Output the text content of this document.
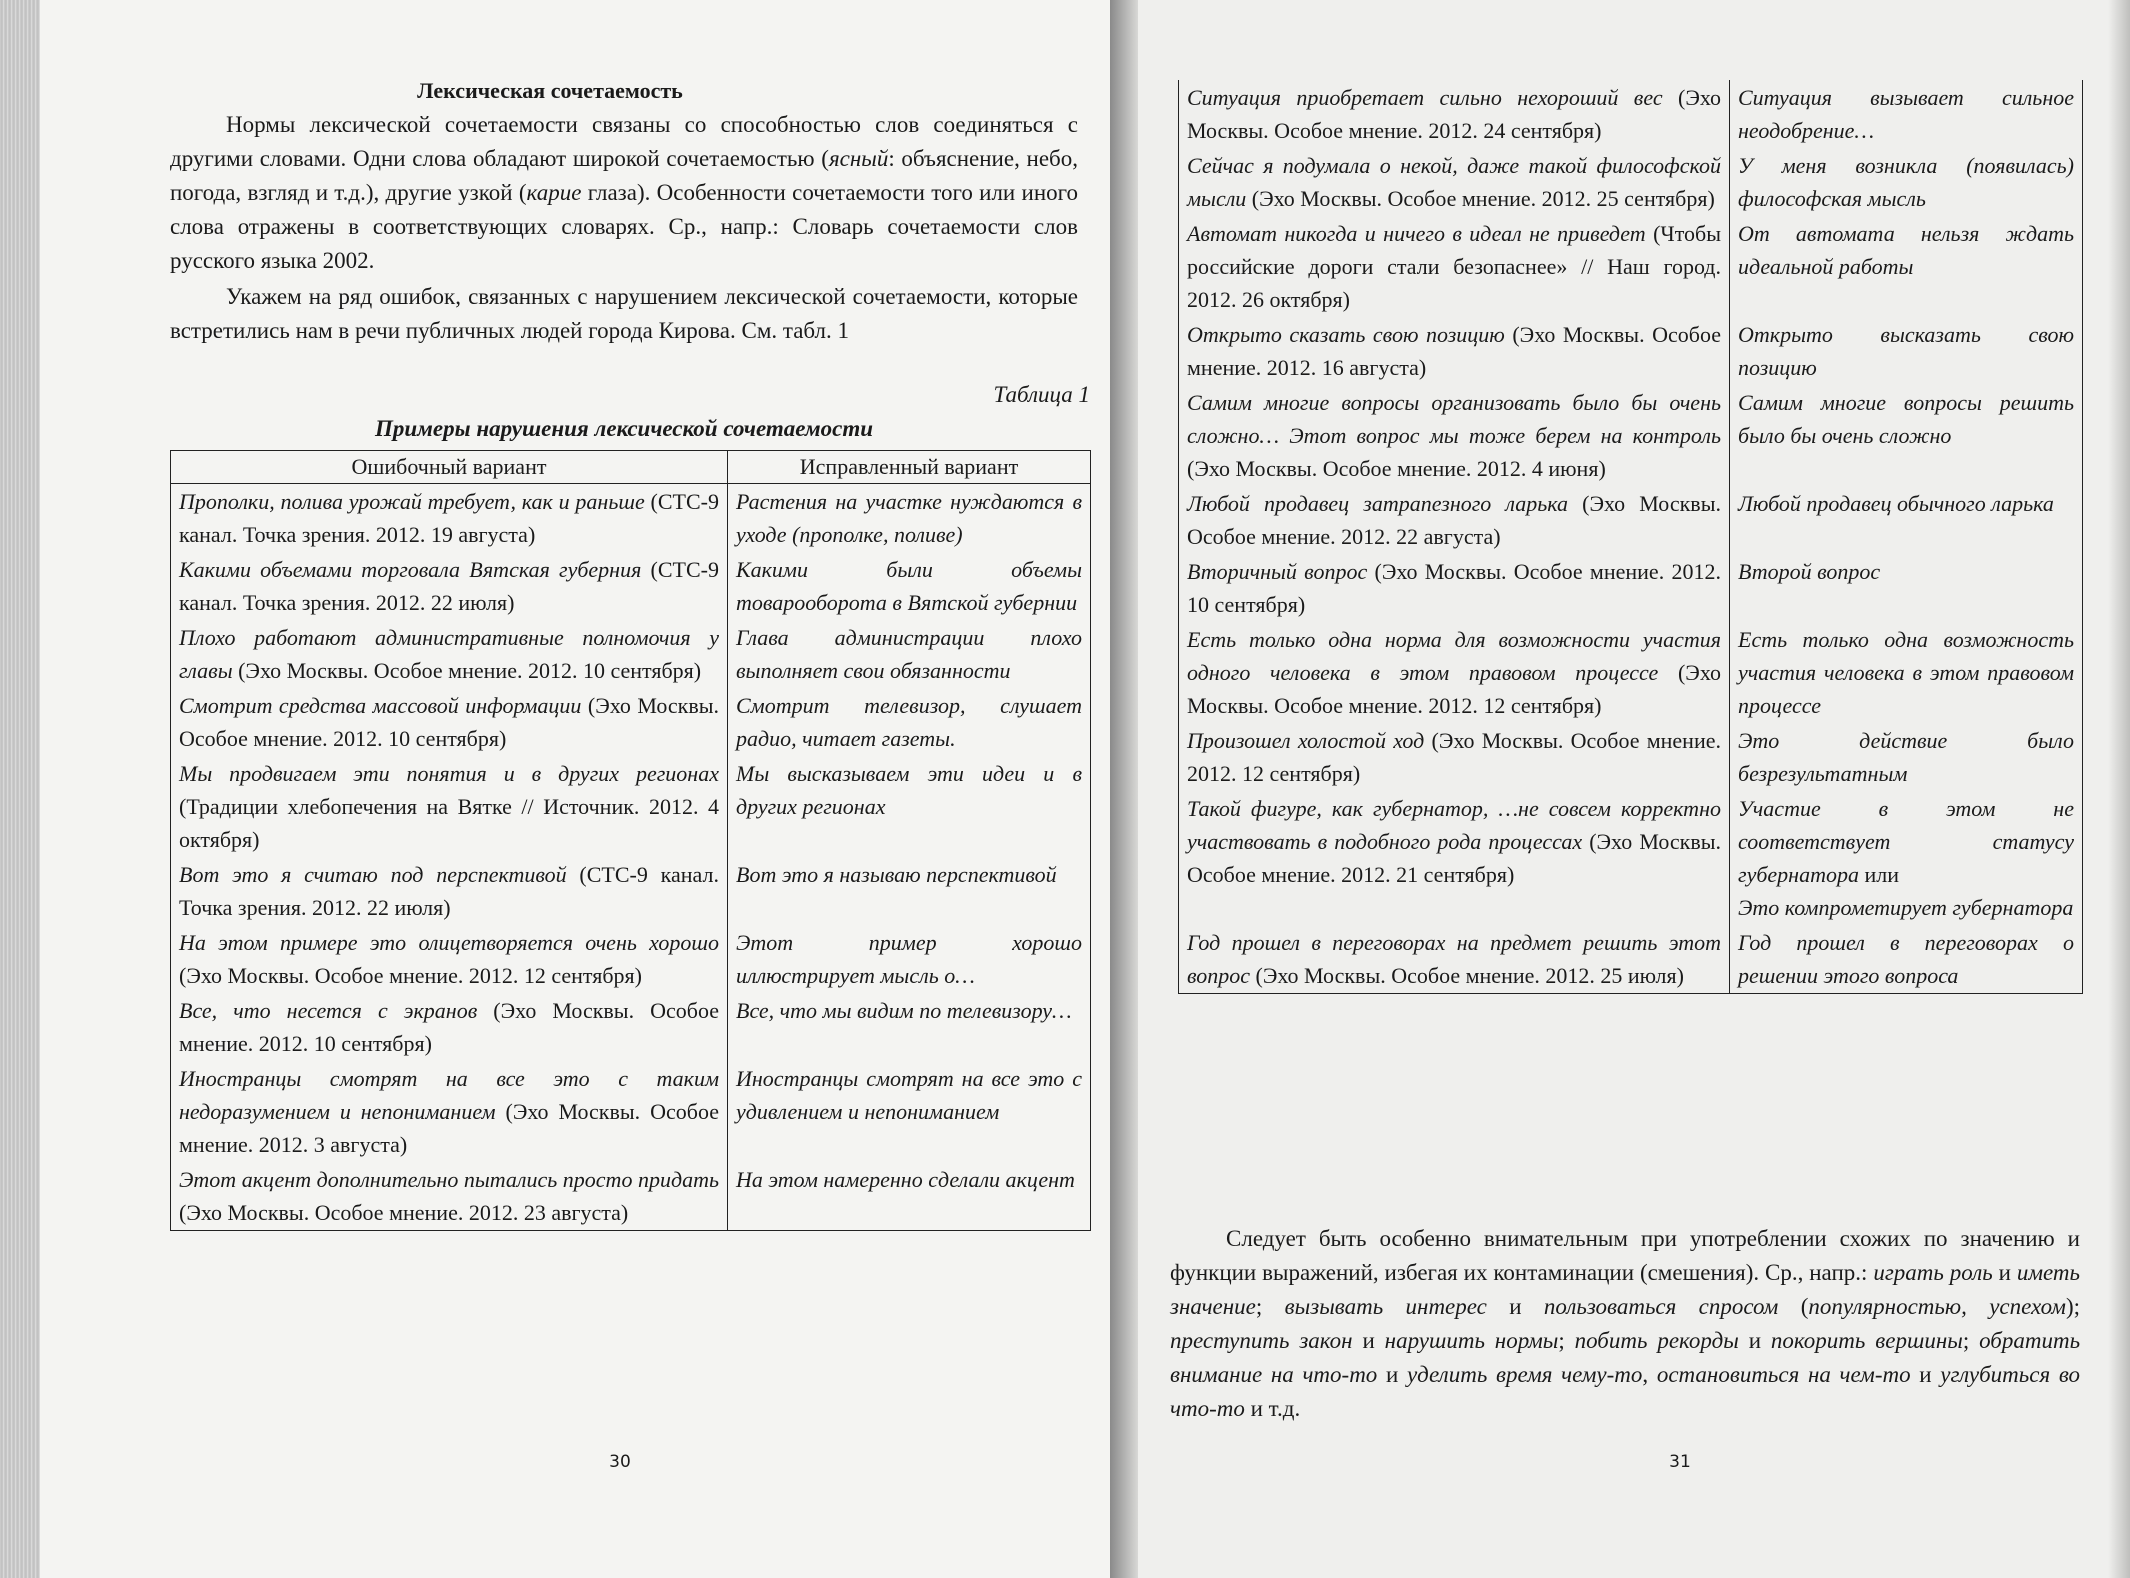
Лексическая сочетаемость

Нормы лексической сочетаемости связаны со способностью слов соединяться с другими словами. Одни слова обладают широкой сочетаемостью (ясный: объяснение, небо, погода, взгляд и т.д.), другие узкой (карие глаза). Особенности сочетаемости того или иного слова отражены в соответствующих словарях. Ср., напр.: Словарь сочетаемости слов русского языка 2002.

Укажем на ряд ошибок, связанных с нарушением лексической сочетаемости, которые встретились нам в речи публичных людей города Кирова. См. табл. 1

Таблица 1
Примеры нарушения лексической сочетаемости
Ошибочный вариант	Исправленный вариант
Прополки, полива урожай требует, как и раньше (СТС-9 канал. Точка зрения. 2012. 19 августа)	Растения на участке нуждаются в уходе (прополке, поливе)

Какими объемами торговала Вятская губерния (СТС-9 канал. Точка зрения. 2012. 22 июля)	Какими были объемы товарооборота в Вятской губернии

Плохо работают административные полномочия у главы (Эхо Москвы. Особое мнение. 2012. 10 сентября)	Глава администрации плохо выполняет свои обязанности

Смотрит средства массовой информации (Эхо Москвы. Особое мнение. 2012. 10 сентября)	Смотрит телевизор, слушает радио, читает газеты.

Мы продвигаем эти понятия и в других регионах (Традиции хлебопечения на Вятке // Источник. 2012. 4 октября)	Мы высказываем эти идеи и в других регионах

Вот это я считаю под перспективой (СТС-9 канал. Точка зрения. 2012. 22 июля)	Вот это я называю перспективой

На этом примере это олицетворяется очень хорошо (Эхо Москвы. Особое мнение. 2012. 12 сентября)	Этот пример хорошо иллюстрирует мысль о…

Все, что несется с экранов (Эхо Москвы. Особое мнение. 2012. 10 сентября)	Все, что мы видим по телевизору…

Иностранцы смотрят на все это с таким недоразумением и непониманием (Эхо Москвы. Особое мнение. 2012. 3 августа)	Иностранцы смотрят на все это с удивлением и непониманием

Этот акцент дополнительно пытались просто придать (Эхо Москвы. Особое мнение. 2012. 23 августа)	На этом намеренно сделали акцент
30
Ситуация приобретает сильно нехороший вес (Эхо Москвы. Особое мнение. 2012. 24 сентября)	Ситуация вызывает сильное неодобрение…

Сейчас я подумала о некой, даже такой философской мысли (Эхо Москвы. Особое мнение. 2012. 25 сентября)	У меня возникла (появилась) философская мысль

Автомат никогда и ничего в идеал не приведет (Чтобы российские дороги стали безопаснее» // Наш город. 2012. 26 октября)	От автомата нельзя ждать идеальной работы

Открыто сказать свою позицию (Эхо Москвы. Особое мнение. 2012. 16 августа)	Открыто высказать свою позицию

Самим многие вопросы организовать было бы очень сложно… Этот вопрос мы тоже берем на контроль (Эхо Москвы. Особое мнение. 2012. 4 июня)	Самим многие вопросы решить было бы очень сложно

Любой продавец затрапезного ларька (Эхо Москвы. Особое мнение. 2012. 22 августа)	Любой продавец обычного ларька

Вторичный вопрос (Эхо Москвы. Особое мнение. 2012. 10 сентября)	Второй вопрос

Есть только одна норма для возможности участия одного человека в этом правовом процессе (Эхо Москвы. Особое мнение. 2012. 12 сентября)	Есть только одна возможность участия человека в этом правовом процессе

Произошел холостой ход (Эхо Москвы. Особое мнение. 2012. 12 сентября)	Это действие было безрезультатным

Такой фигуре, как губернатор, …не совсем корректно участвовать в подобного рода процессах (Эхо Москвы. Особое мнение. 2012. 21 сентября)	Участие в этом не соответствует статусу губернатора или
Это компрометирует губернатора

Год прошел в переговорах на предмет решить этот вопрос (Эхо Москвы. Особое мнение. 2012. 25 июля)	Год прошел в переговорах о решении этого вопроса

Следует быть особенно внимательным при употреблении схожих по значению и функции выражений, избегая их контаминации (смешения). Ср., напр.: играть роль и иметь значение; вызывать интерес и пользоваться спросом (популярностью, успехом); преступить закон и нарушить нормы; побить рекорды и покорить вершины; обратить внимание на что-то и уделить время чему-то, остановиться на чем-то и углубиться во что-то и т.д.

31
